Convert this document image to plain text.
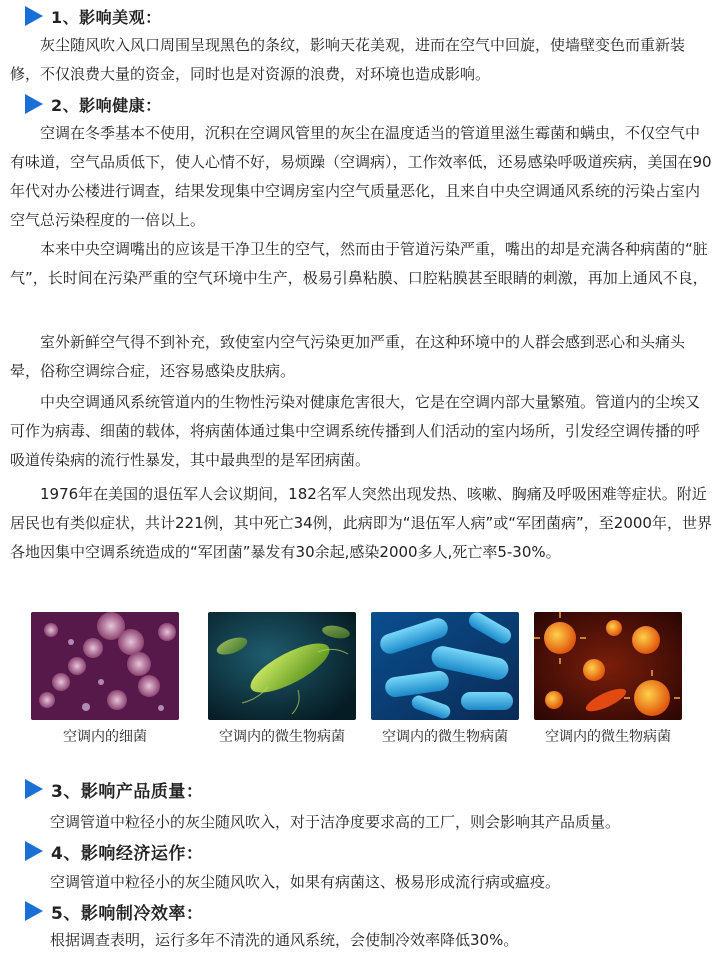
1、影响美观：

灰尘随风吹入风口周围呈现黑色的条纹，影响天花美观，进而在空气中回旋，使墙壁变色而重新装修，不仅浪费大量的资金，同时也是对资源的浪费，对环境也造成影响。

2、影响健康：

空调在冬季基本不使用，沉积在空调风管里的灰尘在温度适当的管道里滋生霉菌和螨虫，不仅空气中有味道，空气品质低下，使人心情不好，易烦躁（空调病），工作效率低，还易感染呼吸道疾病，美国在90年代对办公楼进行调查，结果发现集中空调房室内空气质量恶化，且来自中央空调通风系统的污染占室内空气总污染程度的一倍以上。

本来中央空调嘴出的应该是干净卫生的空气，然而由于管道污染严重，嘴出的却是充满各种病菌的“脏气”，长时间在污染严重的空气环境中生产，极易引鼻粘膜、口腔粘膜甚至眼睛的刺激，再加上通风不良，

室外新鲜空气得不到补充，致使室内空气污染更加严重，在这种环境中的人群会感到恶心和头痛头晕，俗称空调综合症，还容易感染皮肤病。

中央空调通风系统管道内的生物性污染对健康危害很大，它是在空调内部大量繁殖。管道内的尘埃又可作为病毒、细菌的载体，将病菌体通过集中空调系统传播到人们活动的室内场所，引发经空调传播的呼吸道传染病的流行性暴发，其中最典型的是军团病菌。

1976年在美国的退伍军人会议期间，182名军人突然出现发热、咳嗽、胸痛及呼吸困难等症状。附近居民也有类似症状，共计221例，其中死亡34例，此病即为“退伍军人病”或“军团菌病”，至2000年，世界各地因集中空调系统造成的“军团菌”暴发有30余起,感染2000多人,死亡率5-30%。

空调内的细菌	空调内的微生物病菌	空调内的微生物病菌	空调内的微生物病菌
3、影响产品质量：

空调管道中粒径小的灰尘随风吹入，对于洁净度要求高的工厂，则会影响其产品质量。

4、影响经济运作：

空调管道中粒径小的灰尘随风吹入，如果有病菌这、极易形成流行病或瘟疫。

5、影响制冷效率：

根据调查表明，运行多年不清洗的通风系统，会使制冷效率降低30%。
